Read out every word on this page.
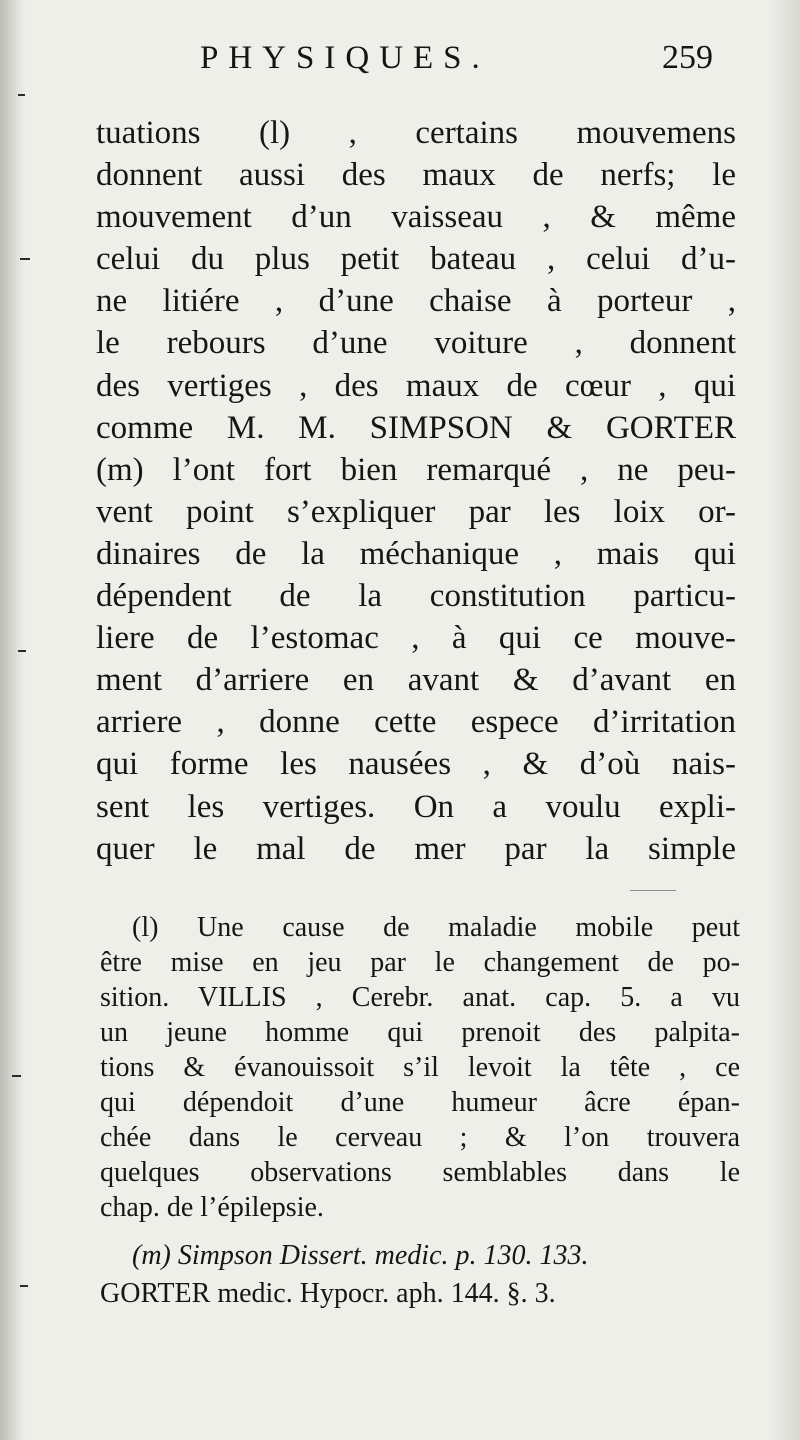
PHYSIQUES.	259
tuations (l) , certains mouvemens
donnent aussi des maux de nerfs; le
mouvement d’un vaisseau , & même
celui du plus petit bateau , celui d’u-
ne litiére , d’une chaise à porteur ,
le rebours d’une voiture , donnent
des vertiges , des maux de cœur , qui
comme M. M. SIMPSON & GORTER
(m) l’ont fort bien remarqué , ne peu-
vent point s’expliquer par les loix or-
dinaires de la méchanique , mais qui
dépendent de la constitution particu-
liere de l’estomac , à qui ce mouve-
ment d’arriere en avant & d’avant en
arriere , donne cette espece d’irritation
qui forme les nausées , & d’où nais-
sent les vertiges. On a voulu expli-
quer le mal de mer par la simple
(l) Une cause de maladie mobile peut
être mise en jeu par le changement de po-
sition. VILLIS , Cerebr. anat. cap. 5. a vu
un jeune homme qui prenoit des palpita-
tions & évanouissoit s’il levoit la tête , ce
qui dépendoit d’une humeur âcre épan-
chée dans le cerveau ; & l’on trouvera
quelques observations semblables dans le
chap. de l’épilepsie.
(m) Simpson Dissert. medic. p. 130. 133.
GORTER medic. Hypocr. aph. 144. §. 3.
